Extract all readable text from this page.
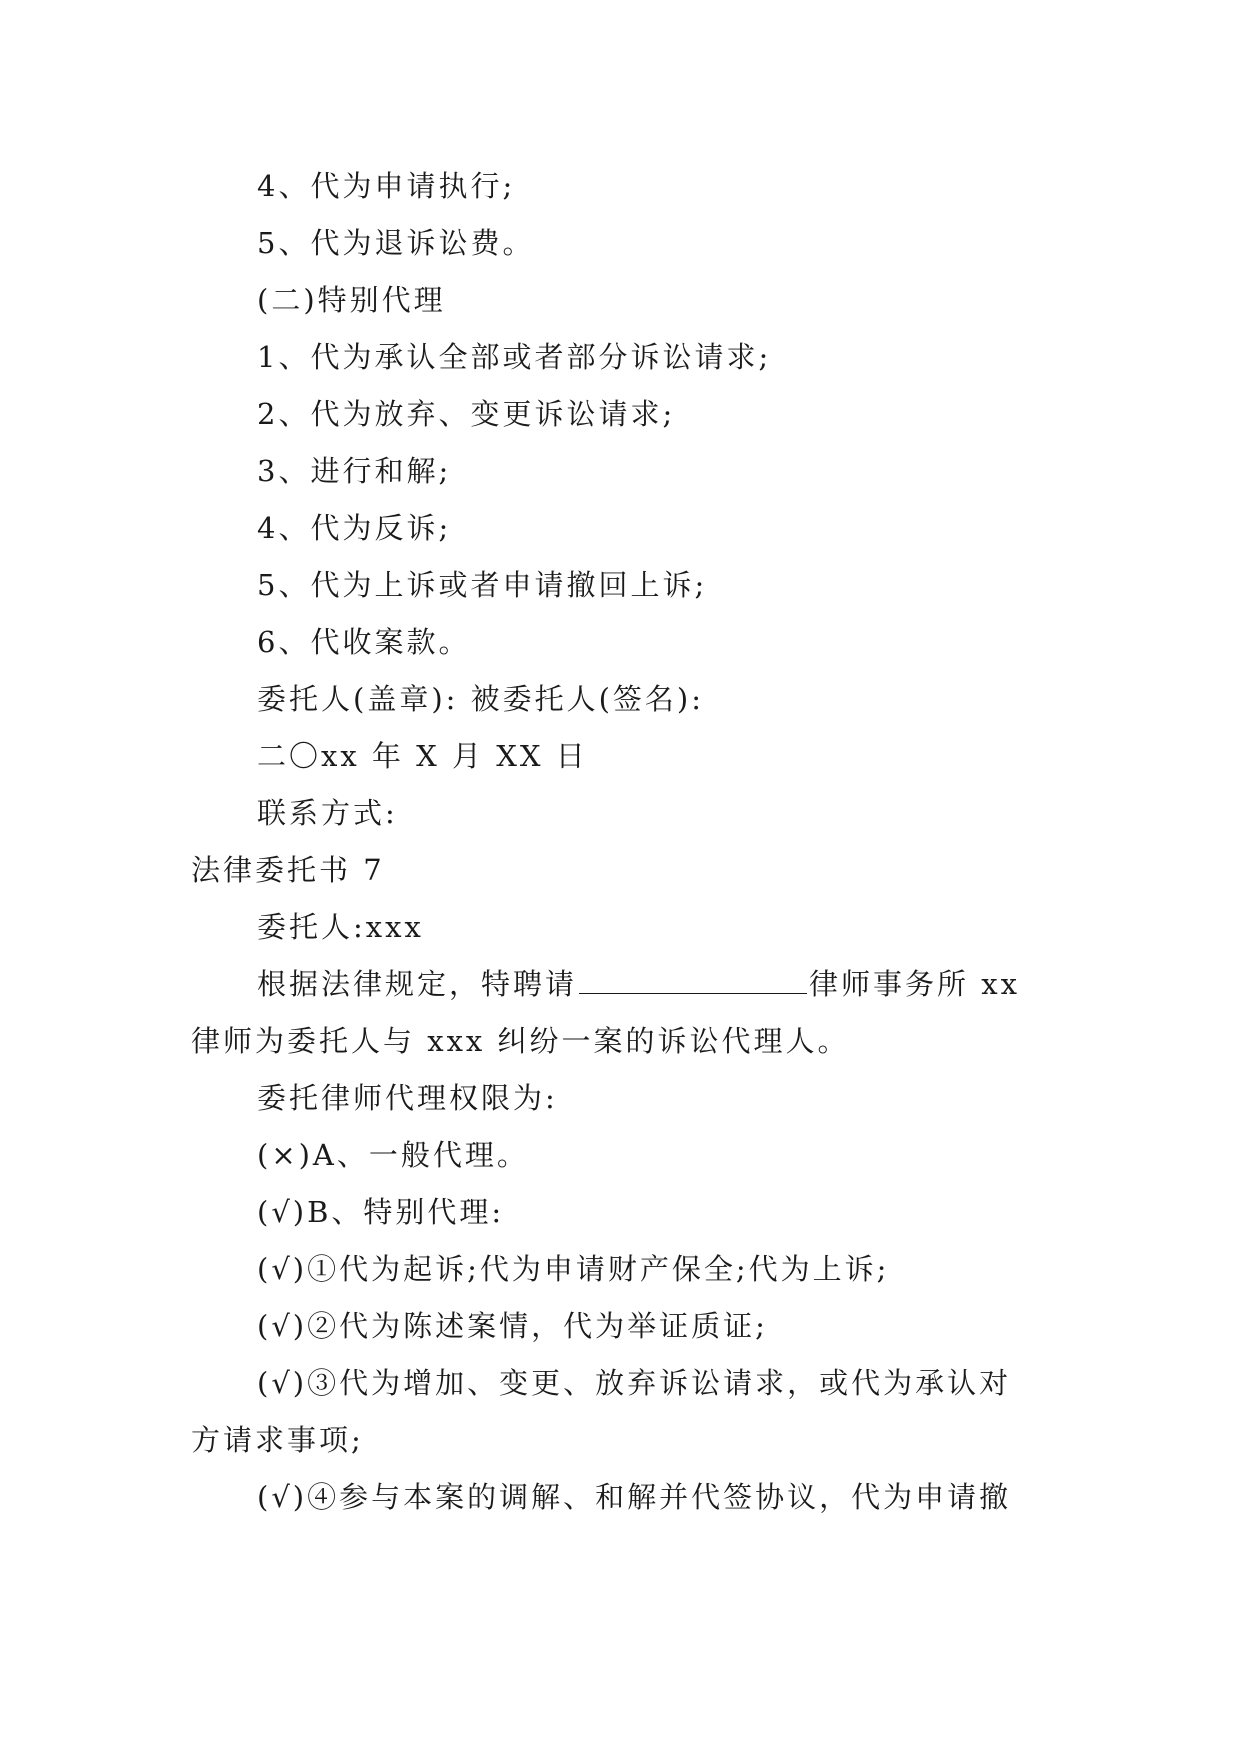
4、代为申请执行;
5、代为退诉讼费。
(二)特别代理
1、代为承认全部或者部分诉讼请求;
2、代为放弃、变更诉讼请求;
3、进行和解;
4、代为反诉;
5、代为上诉或者申请撤回上诉;
6、代收案款。
委托人(盖章): 被委托人(签名):
二〇xx 年 X 月 XX 日
联系方式:
法律委托书 7
委托人:xxx
根据法律规定，特聘请	律师事务所 xx
律师为委托人与 xxx 纠纷一案的诉讼代理人。
委托律师代理权限为:
(×)A、一般代理。
(√)B、特别代理:
(√)①代为起诉;代为申请财产保全;代为上诉;
(√)②代为陈述案情，代为举证质证;
(√)③代为增加、变更、放弃诉讼请求，或代为承认对
方请求事项;
(√)④参与本案的调解、和解并代签协议，代为申请撤
